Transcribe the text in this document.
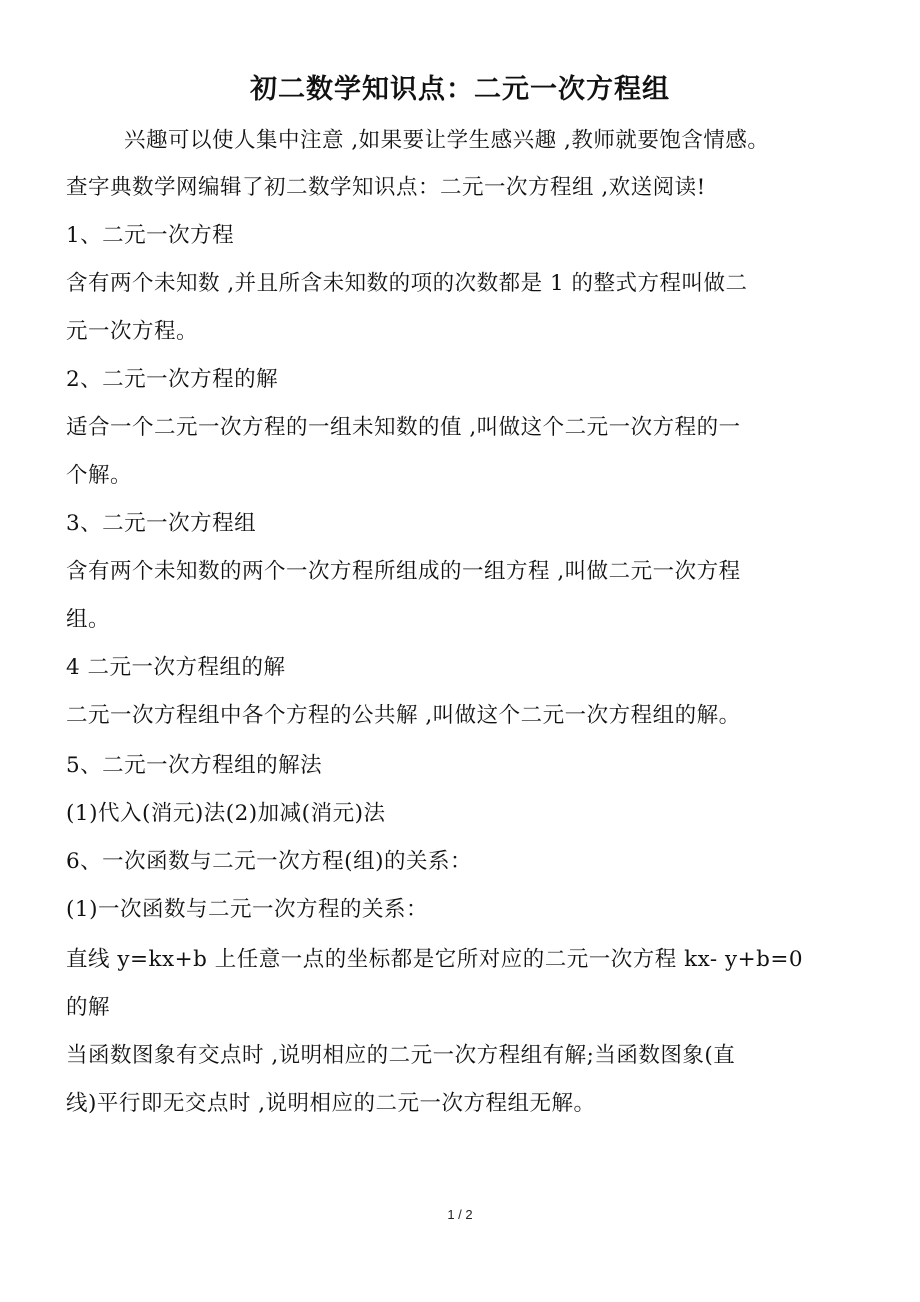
初二数学知识点：二元一次方程组
兴趣可以使人集中注意 ,如果要让学生感兴趣 ,教师就要饱含情感。
查字典数学网编辑了初二数学知识点：二元一次方程组 ,欢送阅读!
1、二元一次方程
含有两个未知数 ,并且所含未知数的项的次数都是 1 的整式方程叫做二
元一次方程。
2、二元一次方程的解
适合一个二元一次方程的一组未知数的值 ,叫做这个二元一次方程的一
个解。
3、二元一次方程组
含有两个未知数的两个一次方程所组成的一组方程 ,叫做二元一次方程
组。
4 二元一次方程组的解
二元一次方程组中各个方程的公共解 ,叫做这个二元一次方程组的解。
5、二元一次方程组的解法
(1)代入(消元)法(2)加减(消元)法
6、一次函数与二元一次方程(组)的关系：
(1)一次函数与二元一次方程的关系：
直线 y=kx+b 上任意一点的坐标都是它所对应的二元一次方程 kx- y+b=0
的解
当函数图象有交点时 ,说明相应的二元一次方程组有解;当函数图象(直
线)平行即无交点时 ,说明相应的二元一次方程组无解。
1 / 2
